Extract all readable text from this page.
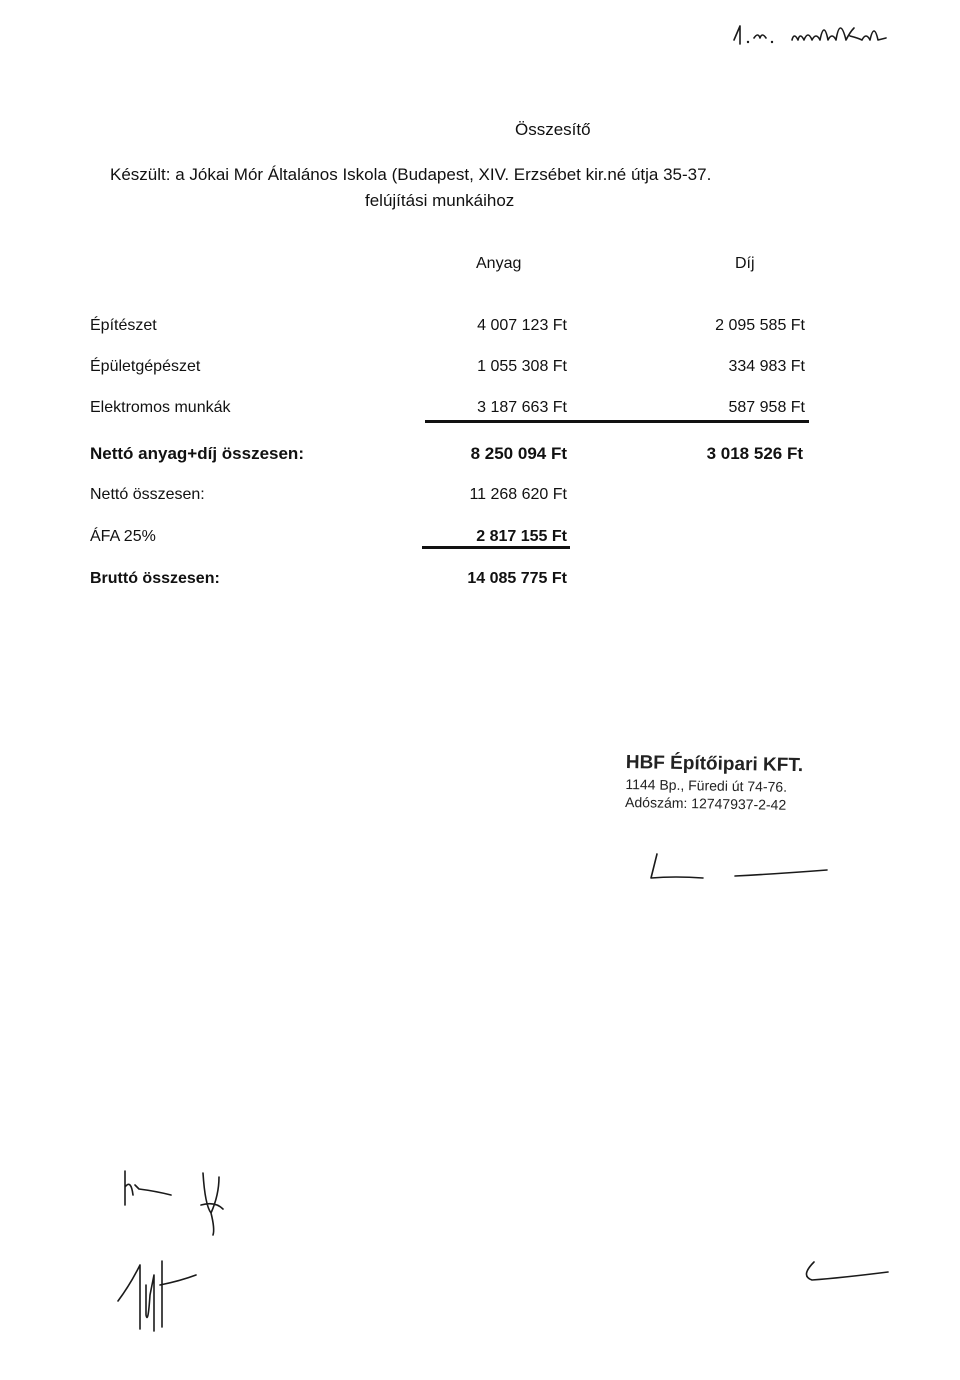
Összesítő
Készült: a Jókai Mór Általános Iskola (Budapest, XIV. Erzsébet kir.né útja 35-37.
felújítási munkáihoz
Anyag	Díj
Építészet	4 007 123 Ft	2 095 585 Ft
Épületgépészet	1 055 308 Ft	334 983 Ft
Elektromos munkák	3 187 663 Ft	587 958 Ft
Nettó anyag+díj összesen:	8 250 094 Ft	3 018 526 Ft
Nettó összesen:	11 268 620 Ft
ÁFA 25%	2 817 155 Ft
Bruttó összesen:	14 085 775 Ft
HBF Építőipari KFT.
1144 Bp., Füredi út 74-76.
Adószám: 12747937-2-42
